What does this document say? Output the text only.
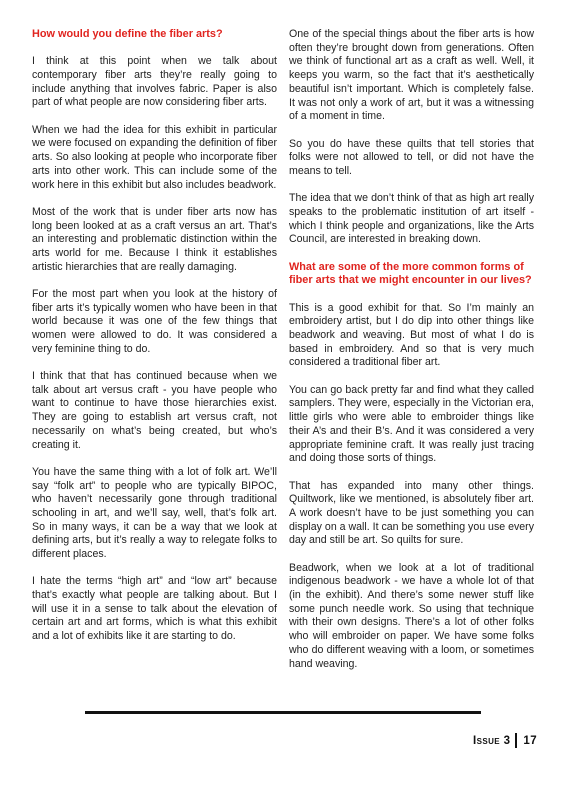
How would you define the fiber arts?

I think at this point when we talk about contemporary fiber arts they’re really going to include anything that involves fabric. Paper is also part of what people are now considering fiber arts.

When we had the idea for this exhibit in particular we were focused on expanding the definition of fiber arts. So also looking at people who incorporate fiber arts into other work. This can include some of the work here in this exhibit but also includes beadwork.

Most of the work that is under fiber arts now has long been looked at as a craft versus an art. That’s an interesting and problematic distinction within the arts world for me. Because I think it establishes artistic hierarchies that are really damaging.

For the most part when you look at the history of fiber arts it’s typically women who have been in that world because it was one of the few things that women were allowed to do. It was considered a very feminine thing to do.

I think that that has continued because when we talk about art versus craft - you have people who want to continue to have those hierarchies exist. They are going to establish art versus craft, not necessarily on what’s being created, but who’s creating it.

You have the same thing with a lot of folk art. We’ll say “folk art” to people who are typically BIPOC, who haven’t necessarily gone through traditional schooling in art, and we’ll say, well, that’s folk art. So in many ways, it can be a way that we look at defining arts, but it’s really a way to relegate folks to different places.

I hate the terms “high art” and “low art” because that’s exactly what people are talking about. But I will use it in a sense to talk about the elevation of certain art and art forms, which is what this exhibit and a lot of exhibits like it are starting to do.

One of the special things about the fiber arts is how often they’re brought down from generations. Often we think of functional art as a craft as well. Well, it keeps you warm, so the fact that it’s aesthetically beautiful isn’t important. Which is completely false. It was not only a work of art, but it was a witnessing of a moment in time.

So you do have these quilts that tell stories that folks were not allowed to tell, or did not have the means to tell.

The idea that we don’t think of that as high art really speaks to the problematic institution of art itself - which I think people and organizations, like the Arts Council, are interested in breaking down.

What are some of the more common forms of fiber arts that we might encounter in our lives?

This is a good exhibit for that. So I’m mainly an embroidery artist, but I do dip into other things like beadwork and weaving. But most of what I do is based in embroidery. And so that is very much considered a traditional fiber art.

You can go back pretty far and find what they called samplers. They were, especially in the Victorian era, little girls who were able to embroider things like their A’s and their B’s. And it was considered a very appropriate feminine craft. It was really just tracing and doing those sorts of things.

That has expanded into many other things. Quiltwork, like we mentioned, is absolutely fiber art. A work doesn’t have to be just something you can display on a wall. It can be something you use every day and still be art. So quilts for sure.

Beadwork, when we look at a lot of traditional indigenous beadwork - we have a whole lot of that (in the exhibit). And there’s some newer stuff like some punch needle work. So using that technique with their own designs. There’s a lot of other folks who will embroider on paper. We have some folks who do different weaving with a loom, or sometimes hand weaving.

Issue 3 17
